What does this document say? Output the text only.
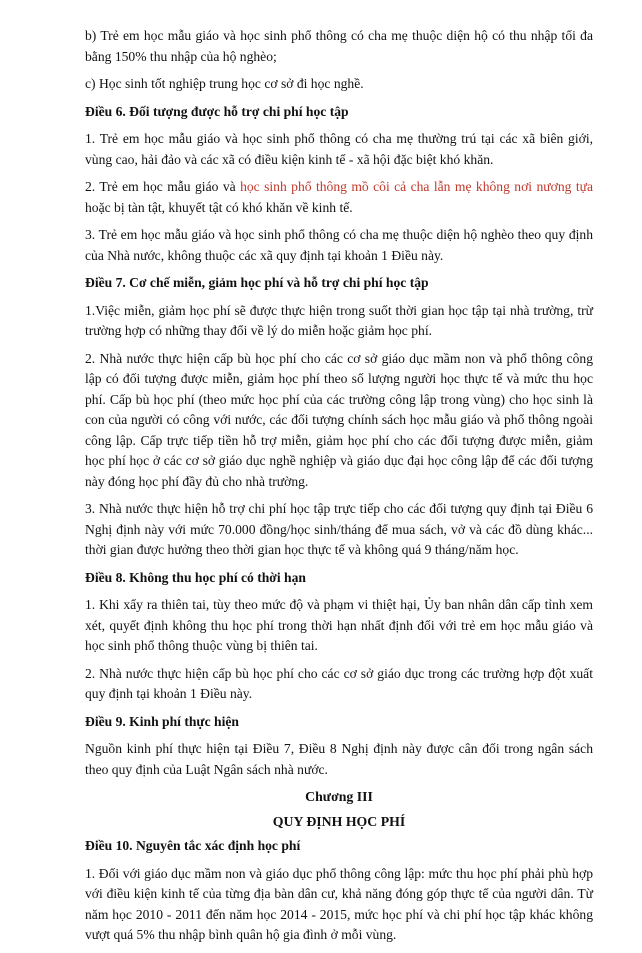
b) Trẻ em học mẫu giáo và học sinh phổ thông có cha mẹ thuộc diện hộ có thu nhập tối đa bằng 150% thu nhập của hộ nghèo;

c) Học sinh tốt nghiệp trung học cơ sở đi học nghề.

Điều 6. Đối tượng được hỗ trợ chi phí học tập

1. Trẻ em học mẫu giáo và học sinh phổ thông có cha mẹ thường trú tại các xã biên giới, vùng cao, hải đảo và các xã có điều kiện kinh tế - xã hội đặc biệt khó khăn.

2. Trẻ em học mẫu giáo và học sinh phổ thông mồ côi cả cha lẫn mẹ không nơi nương tựa hoặc bị tàn tật, khuyết tật có khó khăn về kinh tế.

3. Trẻ em học mẫu giáo và học sinh phổ thông có cha mẹ thuộc diện hộ nghèo theo quy định của Nhà nước, không thuộc các xã quy định tại khoản 1 Điều này.

Điều 7. Cơ chế miễn, giảm học phí và hỗ trợ chi phí học tập

1.Việc miễn, giảm học phí sẽ được thực hiện trong suốt thời gian học tập tại nhà trường, trừ trường hợp có những thay đổi về lý do miễn hoặc giảm học phí.

2. Nhà nước thực hiện cấp bù học phí cho các cơ sở giáo dục mầm non và phổ thông công lập có đối tượng được miễn, giảm học phí theo số lượng người học thực tế và mức thu học phí. Cấp bù học phí (theo mức học phí của các trường công lập trong vùng) cho học sinh là con của người có công với nước, các đối tượng chính sách học mẫu giáo và phổ thông ngoài công lập. Cấp trực tiếp tiền hỗ trợ miễn, giảm học phí cho các đối tượng được miễn, giảm học phí học ở các cơ sở giáo dục nghề nghiệp và giáo dục đại học công lập để các đối tượng này đóng học phí đầy đủ cho nhà trường.

3. Nhà nước thực hiện hỗ trợ chi phí học tập trực tiếp cho các đối tượng quy định tại Điều 6 Nghị định này với mức 70.000 đồng/học sinh/tháng để mua sách, vở và các đồ dùng khác... thời gian được hưởng theo thời gian học thực tế và không quá 9 tháng/năm học.

Điều 8. Không thu học phí có thời hạn

1. Khi xẩy ra thiên tai, tùy theo mức độ và phạm vi thiệt hại, Ủy ban nhân dân cấp tỉnh xem xét, quyết định không thu học phí trong thời hạn nhất định đối với trẻ em học mẫu giáo và học sinh phổ thông thuộc vùng bị thiên tai.

2. Nhà nước thực hiện cấp bù học phí cho các cơ sở giáo dục trong các trường hợp đột xuất quy định tại khoản 1 Điều này.

Điều 9. Kinh phí thực hiện

Nguồn kinh phí thực hiện tại Điều 7, Điều 8 Nghị định này được cân đối trong ngân sách theo quy định của Luật Ngân sách nhà nước.

Chương III

QUY ĐỊNH HỌC PHÍ

Điều 10. Nguyên tắc xác định học phí

1. Đối với giáo dục mầm non và giáo dục phổ thông công lập: mức thu học phí phải phù hợp với điều kiện kinh tế của từng địa bàn dân cư, khả năng đóng góp thực tế của người dân. Từ năm học 2010 - 2011 đến năm học 2014 - 2015, mức học phí và chi phí học tập khác không vượt quá 5% thu nhập bình quân hộ gia đình ở mỗi vùng.
